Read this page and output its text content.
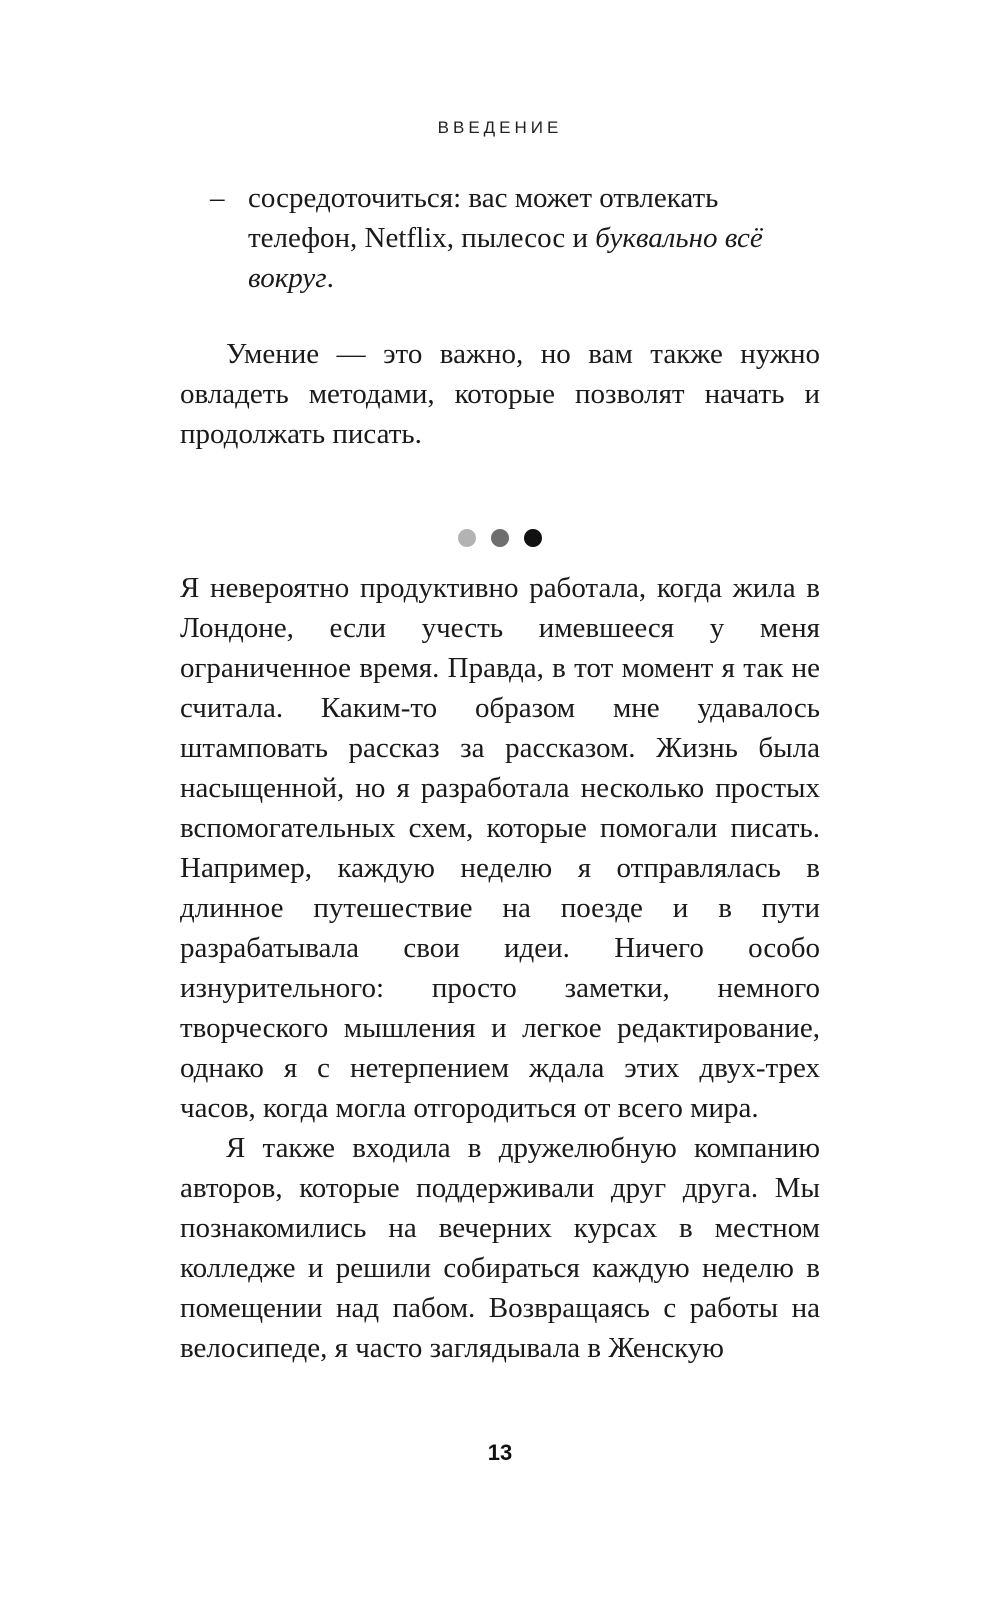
ВВЕДЕНИЕ
– сосредоточиться: вас может отвлекать телефон, Netflix, пылесос и буквально всё вокруг.

Умение — это важно, но вам также нужно овладеть методами, которые позволят начать и продолжать писать.

Я невероятно продуктивно работала, когда жила в Лондоне, если учесть имевшееся у меня ограниченное время. Правда, в тот момент я так не считала. Каким-то образом мне удавалось штамповать рассказ за рассказом. Жизнь была насыщенной, но я разработала несколько простых вспомогательных схем, которые помогали писать. Например, каждую неделю я отправлялась в длинное путешествие на поезде и в пути разрабатывала свои идеи. Ничего особо изнурительного: просто заметки, немного творческого мышления и легкое редактирование, однако я с нетерпением ждала этих двух-трех часов, когда могла отгородиться от всего мира.

Я также входила в дружелюбную компанию авторов, которые поддерживали друг друга. Мы познакомились на вечерних курсах в местном колледже и решили собираться каждую неделю в помещении над пабом. Возвращаясь с работы на велосипеде, я часто заглядывала в Женскую

13
